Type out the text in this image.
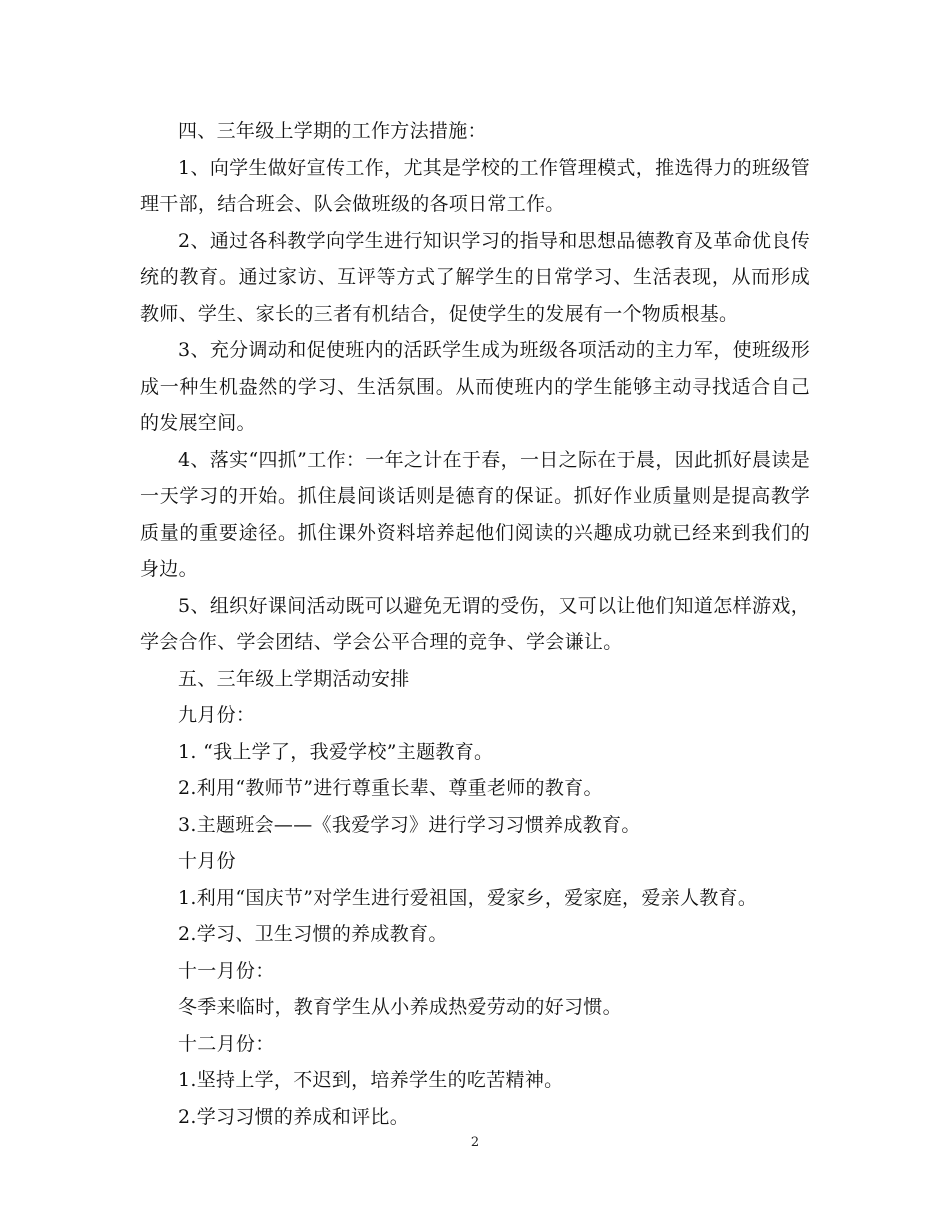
四、三年级上学期的工作方法措施：

1、向学生做好宣传工作，尤其是学校的工作管理模式，推选得力的班级管理干部，结合班会、队会做班级的各项日常工作。

2、通过各科教学向学生进行知识学习的指导和思想品德教育及革命优良传统的教育。通过家访、互评等方式了解学生的日常学习、生活表现，从而形成教师、学生、家长的三者有机结合，促使学生的发展有一个物质根基。

3、充分调动和促使班内的活跃学生成为班级各项活动的主力军，使班级形成一种生机盎然的学习、生活氛围。从而使班内的学生能够主动寻找适合自己的发展空间。

4、落实“四抓”工作：一年之计在于春，一日之际在于晨，因此抓好晨读是一天学习的开始。抓住晨间谈话则是德育的保证。抓好作业质量则是提高教学质量的重要途径。抓住课外资料培养起他们阅读的兴趣成功就已经来到我们的身边。

5、组织好课间活动既可以避免无谓的受伤，又可以让他们知道怎样游戏，学会合作、学会团结、学会公平合理的竞争、学会谦让。

五、三年级上学期活动安排

九月份：

1. “我上学了，我爱学校”主题教育。

2.利用“教师节”进行尊重长辈、尊重老师的教育。

3.主题班会——《我爱学习》进行学习习惯养成教育。

十月份

1.利用“国庆节”对学生进行爱祖国，爱家乡，爱家庭，爱亲人教育。

2.学习、卫生习惯的养成教育。

十一月份：

冬季来临时，教育学生从小养成热爱劳动的好习惯。

十二月份：

1.坚持上学，不迟到，培养学生的吃苦精神。

2.学习习惯的养成和评比。

2
